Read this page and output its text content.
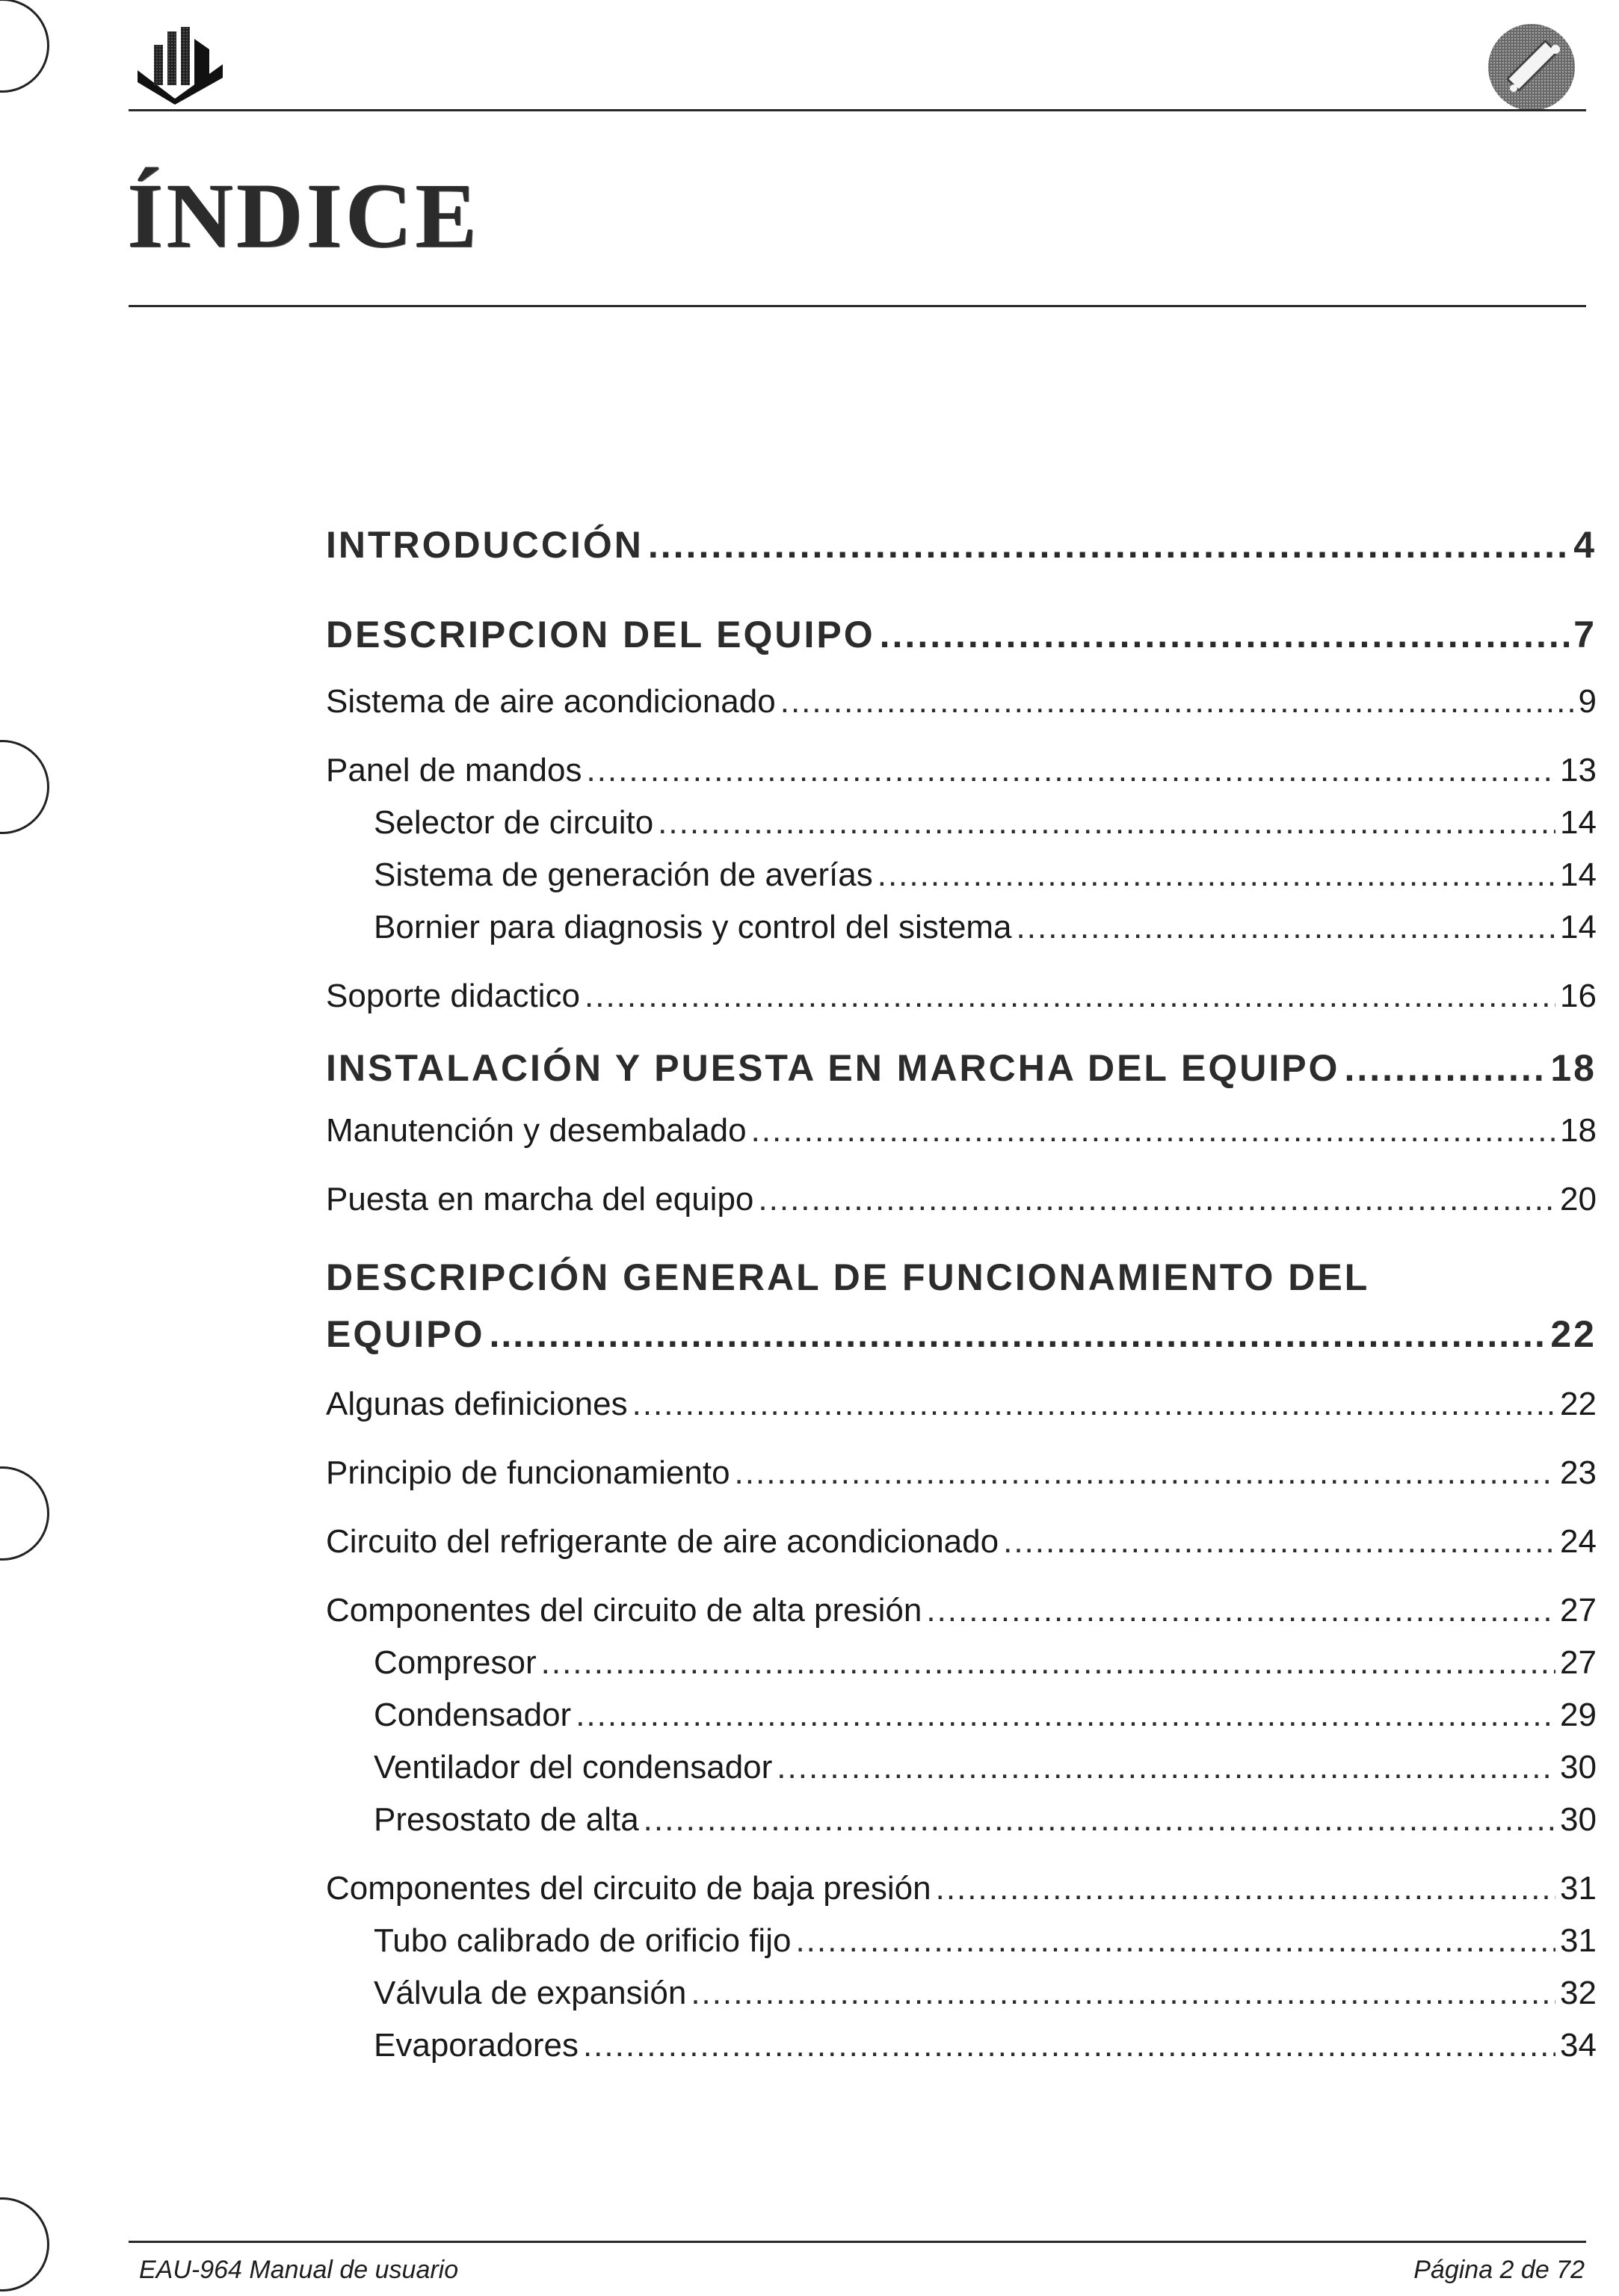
ÍNDICE
INTRODUCCIÓN .....	4
DESCRIPCION DEL EQUIPO .....	7
Sistema de aire acondicionado .....	9
Panel de mandos .....	13
Selector de circuito .....	14
Sistema de generación de averías .....	14
Bornier para diagnosis y control del sistema .....	14
Soporte didactico .....	16
INSTALACIÓN Y PUESTA EN MARCHA DEL EQUIPO .....	18
Manutención y desembalado .....	18
Puesta en marcha del equipo .....	20
DESCRIPCIÓN GENERAL DE FUNCIONAMIENTO DEL
EQUIPO .....	22
Algunas definiciones .....	22
Principio de funcionamiento .....	23
Circuito del refrigerante de aire acondicionado .....	24
Componentes del circuito de alta presión .....	27
Compresor .....	27
Condensador .....	29
Ventilador del condensador .....	30
Presostato de alta .....	30
Componentes del circuito de baja presión .....	31
Tubo calibrado de orificio fijo .....	31
Válvula de expansión .....	32
Evaporadores .....	34
EAU-964 Manual de usuario	Página 2 de 72
